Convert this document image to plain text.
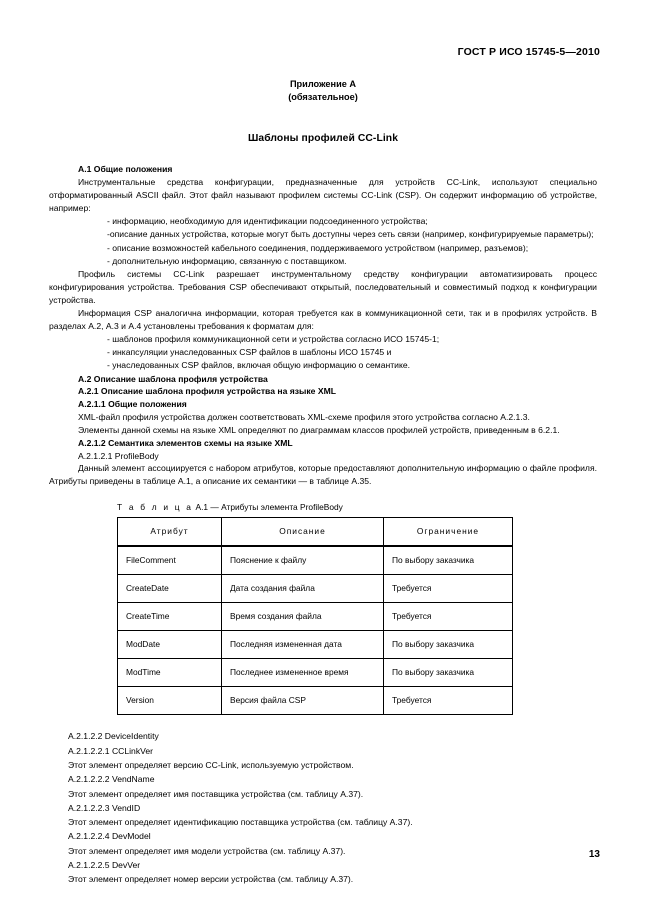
ГОСТ Р ИСО 15745-5—2010
Приложение А
(обязательное)
Шаблоны профилей CC-Link
A.1 Общие положения

Инструментальные средства конфигурации, предназначенные для устройств CC-Link, используют специально отформатированный ASCII файл. Этот файл называют профилем системы CC-Link (CSP). Он содержит информацию об устройстве, например:

- информацию, необходимую для идентификации подсоединенного устройства;

-описание данных устройства, которые могут быть доступны через сеть связи (например, конфигурируемые параметры);

- описание возможностей кабельного соединения, поддерживаемого устройством (например, разъемов);

- дополнительную информацию, связанную с поставщиком.

Профиль системы CC-Link разрешает инструментальному средству конфигурации автоматизировать процесс конфигурирования устройства. Требования CSP обеспечивают открытый, последовательный и совместимый подход к конфигурации устройства.

Информация CSP аналогична информации, которая требуется как в коммуникационной сети, так и в профилях устройств. В разделах А.2, А.3 и А.4 установлены требования к форматам для:

- шаблонов профиля коммуникационной сети и устройства согласно ИСО 15745-1;

- инкапсуляции унаследованных CSP файлов в шаблоны ИСО 15745 и

- унаследованных CSP файлов, включая общую информацию о семантике.

A.2 Описание шаблона профиля устройства
A.2.1 Описание шаблона профиля устройства на языке XML
A.2.1.1 Общие положения

XML-файл профиля устройства должен соответствовать XML-схеме профиля этого устройства согласно А.2.1.3.

Элементы данной схемы на языке XML определяют по диаграммам классов профилей устройств, приведенным в 6.2.1.

A.2.1.2 Семантика элементов схемы на языке XML
A.2.1.2.1 ProfileBody

Данный элемент ассоциируется с набором атрибутов, которые предоставляют дополнительную информацию о файле профиля. Атрибуты приведены в таблице А.1, а описание их семантики — в таблице А.35.

Т а б л и ц а А.1 — Атрибуты элемента ProfileBody
Атрибут	Описание	Ограничение
FileComment	Пояснение к файлу	По выбору заказчика
CreateDate	Дата создания файла	Требуется
CreateTime	Время создания файла	Требуется
ModDate	Последняя измененная дата	По выбору заказчика
ModTime	Последнее измененное время	По выбору заказчика
Version	Версия файла CSP	Требуется

A.2.1.2.2 DeviceIdentity

A.2.1.2.2.1 CCLinkVer

Этот элемент определяет версию CC-Link, используемую устройством.

A.2.1.2.2.2 VendName

Этот элемент определяет имя поставщика устройства (см. таблицу А.37).

A.2.1.2.2.3 VendID

Этот элемент определяет идентификацию поставщика устройства (см. таблицу А.37).

A.2.1.2.2.4 DevModel

Этот элемент определяет имя модели устройства (см. таблицу А.37).

A.2.1.2.2.5 DevVer

Этот элемент определяет номер версии устройства (см. таблицу А.37).

13
